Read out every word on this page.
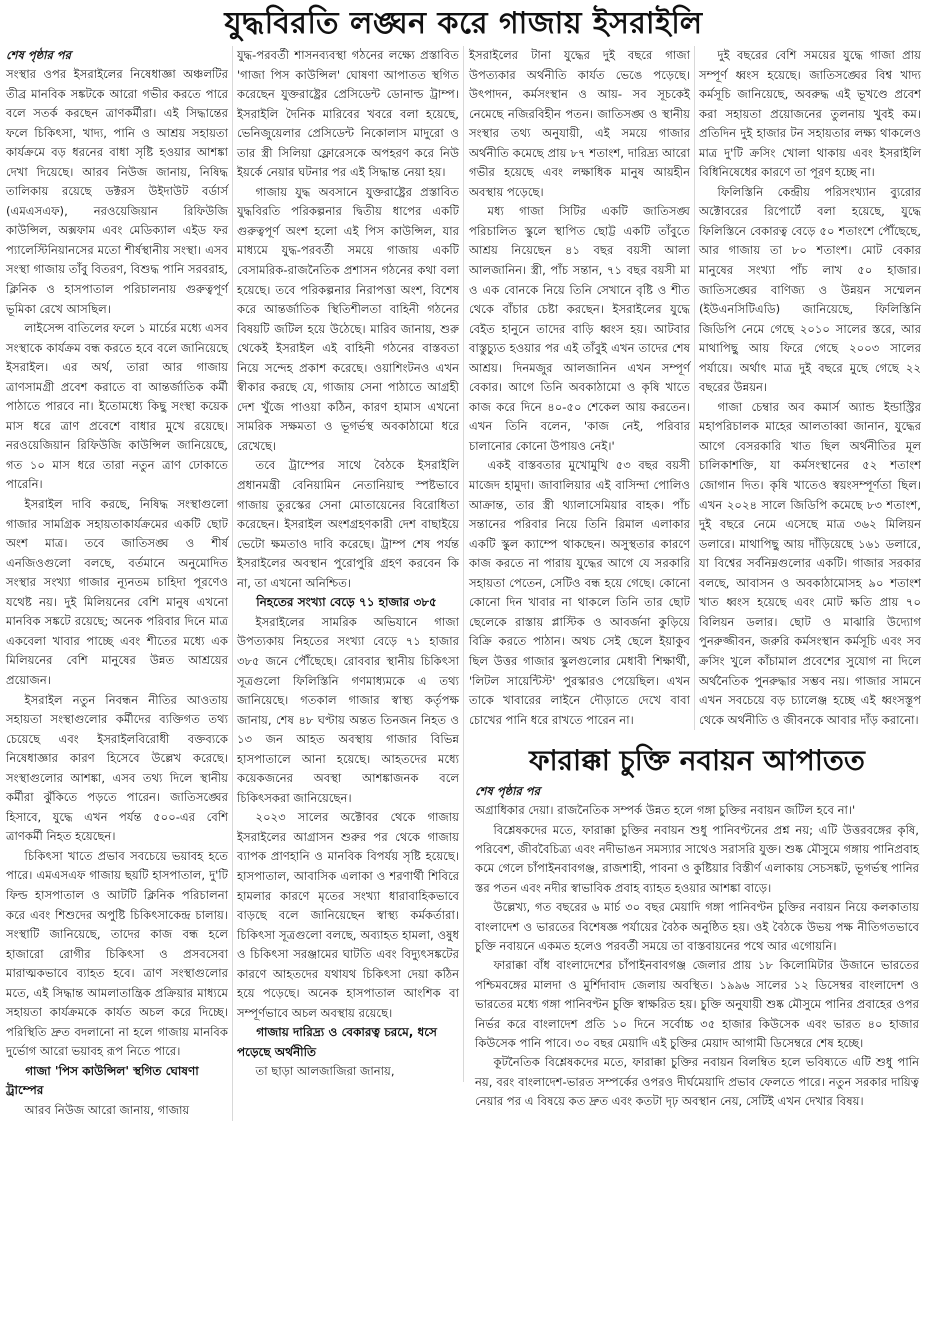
যুদ্ধবিরতি লঙ্ঘন করে গাজায় ইসরাইলি
শেষ পৃষ্ঠার পর

সংস্থার ওপর ইসরাইলের নিষেধাজ্ঞা অঞ্চলটির তীব্র মানবিক সঙ্কটকে আরো গভীর করতে পারে বলে সতর্ক করছেন ত্রাণকর্মীরা। এই সিদ্ধান্তের ফলে চিকিৎসা, খাদ্য, পানি ও আশ্রয় সহায়তা কার্যক্রমে বড় ধরনের বাধা সৃষ্টি হওয়ার আশঙ্কা দেখা দিয়েছে। আরব নিউজ জানায়, নিষিদ্ধ তালিকায় রয়েছে ডক্টরস উইদাউট বর্ডার্স (এমএসএফ), নরওয়েজিয়ান রিফিউজি কাউন্সিল, অক্সফাম এবং মেডিক্যাল এইড ফর প্যালেস্টিনিয়ানসের মতো শীর্ষস্থানীয় সংস্থা। এসব সংস্থা গাজায় তাঁবু বিতরণ, বিশুদ্ধ পানি সরবরাহ, ক্লিনিক ও হাসপাতাল পরিচালনায় গুরুত্বপূর্ণ ভূমিকা রেখে আসছিল।

লাইসেন্স বাতিলের ফলে ১ মার্চের মধ্যে এসব সংস্থাকে কার্যক্রম বন্ধ করতে হবে বলে জানিয়েছে ইসরাইল। এর অর্থ, তারা আর গাজায় ত্রাণসামগ্রী প্রবেশ করাতে বা আন্তর্জাতিক কর্মী পাঠাতে পারবে না। ইতোমধ্যে কিছু সংস্থা কয়েক মাস ধরে ত্রাণ প্রবেশে বাধার মুখে রয়েছে। নরওয়েজিয়ান রিফিউজি কাউন্সিল জানিয়েছে, গত ১০ মাস ধরে তারা নতুন ত্রাণ ঢোকাতে পারেনি।

ইসরাইল দাবি করছে, নিষিদ্ধ সংস্থাগুলো গাজার সামগ্রিক সহায়তাকার্যক্রমের একটি ছোট অংশ মাত্র। তবে জাতিসঙ্ঘ ও শীর্ষ এনজিওগুলো বলছে, বর্তমানে অনুমোদিত সংস্থার সংখ্যা গাজার ন্যূনতম চাহিদা পূরণেও যথেষ্ট নয়। দুই মিলিয়নের বেশি মানুষ এখনো মানবিক সঙ্কটে রয়েছে; অনেক পরিবার দিনে মাত্র একবেলা খাবার পাচ্ছে এবং শীতের মধ্যে এক মিলিয়নের বেশি মানুষের উন্নত আশ্রয়ের প্রয়োজন।

ইসরাইল নতুন নিবন্ধন নীতির আওতায় সহায়তা সংস্থাগুলোর কর্মীদের ব্যক্তিগত তথ্য চেয়েছে এবং ইসরাইলবিরোধী বক্তব্যকে নিষেধাজ্ঞার কারণ হিসেবে উল্লেখ করেছে। সংস্থাগুলোর আশঙ্কা, এসব তথ্য দিলে স্থানীয় কর্মীরা ঝুঁকিতে পড়তে পারেন। জাতিসঙ্ঘের হিসাবে, যুদ্ধে এখন পর্যন্ত ৫০০-এর বেশি ত্রাণকর্মী নিহত হয়েছেন।

চিকিৎসা খাতে প্রভাব সবচেয়ে ভয়াবহ হতে পারে। এমএসএফ গাজায় ছয়টি হাসপাতাল, দু'টি ফিল্ড হাসপাতাল ও আটটি ক্লিনিক পরিচালনা করে এবং শিশুদের অপুষ্টি চিকিৎসাকেন্দ্র চালায়। সংস্থাটি জানিয়েছে, তাদের কাজ বন্ধ হলে হাজারো রোগীর চিকিৎসা ও প্রসবসেবা মারাত্মকভাবে ব্যাহত হবে। ত্রাণ সংস্থাগুলোর মতে, এই সিদ্ধান্ত আমলাতান্ত্রিক প্রক্রিয়ার মাধ্যমে সহায়তা কার্যক্রমকে কার্যত অচল করে দিচ্ছে। পরিস্থিতি দ্রুত বদলানো না হলে গাজায় মানবিক দুর্ভোগ আরো ভয়াবহ রূপ নিতে পারে।

গাজা 'পিস কাউন্সিল' স্থগিত ঘোষণা ট্রাম্পের

আরব নিউজ আরো জানায়, গাজায়

যুদ্ধ-পরবর্তী শাসনব্যবস্থা গঠনের লক্ষ্যে প্রস্তাবিত 'গাজা পিস কাউন্সিল' ঘোষণা আপাতত স্থগিত করেছেন যুক্তরাষ্ট্রের প্রেসিডেন্ট ডোনাল্ড ট্রাম্প। ইসরাইলি দৈনিক মারিবের খবরে বলা হয়েছে, ভেনিজুয়েলার প্রেসিডেন্ট নিকোলাস মাদুরো ও তার স্ত্রী সিলিয়া ফ্লোরেসকে অপহরণ করে নিউ ইয়র্কে নেয়ার ঘটনার পর এই সিদ্ধান্ত নেয়া হয়।

গাজায় যুদ্ধ অবসানে যুক্তরাষ্ট্রের প্রস্তাবিত যুদ্ধবিরতি পরিকল্পনার দ্বিতীয় ধাপের একটি গুরুত্বপূর্ণ অংশ হলো এই পিস কাউন্সিল, যার মাধ্যমে যুদ্ধ-পরবর্তী সময়ে গাজায় একটি বেসামরিক-রাজনৈতিক প্রশাসন গঠনের কথা বলা হয়েছে। তবে পরিকল্পনার নিরাপত্তা অংশ, বিশেষ করে আন্তর্জাতিক স্থিতিশীলতা বাহিনী গঠনের বিষয়টি জটিল হয়ে উঠেছে। মারিব জানায়, শুরু থেকেই ইসরাইল এই বাহিনী গঠনের বাস্তবতা নিয়ে সন্দেহ প্রকাশ করেছে। ওয়াশিংটনও এখন স্বীকার করছে যে, গাজায় সেনা পাঠাতে আগ্রহী দেশ খুঁজে পাওয়া কঠিন, কারণ হামাস এখনো সামরিক সক্ষমতা ও ভূগর্ভস্থ অবকাঠামো ধরে রেখেছে।

তবে ট্রাম্পের সাথে বৈঠকে ইসরাইলি প্রধানমন্ত্রী বেনিয়ামিন নেতানিয়াহু স্পষ্টভাবে গাজায় তুরস্কের সেনা মোতায়েনের বিরোধিতা করেছেন। ইসরাইল অংশগ্রহণকারী দেশ বাছাইয়ে ভেটো ক্ষমতাও দাবি করেছে। ট্রাম্প শেষ পর্যন্ত ইসরাইলের অবস্থান পুরোপুরি গ্রহণ করবেন কি না, তা এখনো অনিশ্চিত।

নিহতের সংখ্যা বেড়ে ৭১ হাজার ৩৮৫

ইসরাইলের সামরিক অভিযানে গাজা উপত্যকায় নিহতের সংখ্যা বেড়ে ৭১ হাজার ৩৮৫ জনে পৌঁছেছে। রোববার স্থানীয় চিকিৎসা সূত্রগুলো ফিলিস্তিনি গণমাধ্যমকে এ তথ্য জানিয়েছে। গতকাল গাজার স্বাস্থ্য কর্তৃপক্ষ জানায়, শেষ ৪৮ ঘণ্টায় অন্তত তিনজন নিহত ও ১৩ জন আহত অবস্থায় গাজার বিভিন্ন হাসপাতালে আনা হয়েছে। আহতদের মধ্যে কয়েকজনের অবস্থা আশঙ্কাজনক বলে চিকিৎসকরা জানিয়েছেন।

২০২৩ সালের অক্টোবর থেকে গাজায় ইসরাইলের আগ্রাসন শুরুর পর থেকে গাজায় ব্যাপক প্রাণহানি ও মানবিক বিপর্যয় সৃষ্টি হয়েছে। হাসপাতাল, আবাসিক এলাকা ও শরণার্থী শিবিরে হামলার কারণে মৃতের সংখ্যা ধারাবাহিকভাবে বাড়ছে বলে জানিয়েছেন স্বাস্থ্য কর্মকর্তারা। চিকিৎসা সূত্রগুলো বলছে, অব্যাহত হামলা, ওষুধ ও চিকিৎসা সরঞ্জামের ঘাটতি এবং বিদ্যুৎসঙ্কটের কারণে আহতদের যথাযথ চিকিৎসা দেয়া কঠিন হয়ে পড়েছে। অনেক হাসপাতাল আংশিক বা সম্পূর্ণভাবে অচল অবস্থায় রয়েছে।

গাজায় দারিদ্র্য ও বেকারত্ব চরমে, ধসে পড়েছে অর্থনীতি

তা ছাড়া আলজাজিরা জানায়,

ইসরাইলের টানা যুদ্ধের দুই বছরে গাজা উপত্যকার অর্থনীতি কার্যত ভেঙে পড়েছে। উৎপাদন, কর্মসংস্থান ও আয়- সব সূচকেই নেমেছে নজিরবিহীন পতন। জাতিসঙ্ঘ ও স্থানীয় সংস্থার তথ্য অনুযায়ী, এই সময়ে গাজার অর্থনীতি কমেছে প্রায় ৮৭ শতাংশ, দারিদ্র্য আরো গভীর হয়েছে এবং লক্ষাধিক মানুষ আয়হীন অবস্থায় পড়েছে।

মধ্য গাজা সিটির একটি জাতিসঙ্ঘ পরিচালিত স্কুলে স্থাপিত ছোট্ট একটি তাঁবুতে আশ্রয় নিয়েছেন ৪১ বছর বয়সী আলা আলজানিন। স্ত্রী, পাঁচ সন্তান, ৭১ বছর বয়সী মা ও এক বোনকে নিয়ে তিনি সেখানে বৃষ্টি ও শীত থেকে বাঁচার চেষ্টা করছেন। ইসরাইলের যুদ্ধে বেইত হানুনে তাদের বাড়ি ধ্বংস হয়। আটবার বাস্তুচ্যুত হওয়ার পর এই তাঁবুই এখন তাদের শেষ আশ্রয়। দিনমজুর আলজানিন এখন সম্পূর্ণ বেকার। আগে তিনি অবকাঠামো ও কৃষি খাতে কাজ করে দিনে ৪০-৫০ শেকেল আয় করতেন। এখন তিনি বলেন, 'কাজ নেই, পরিবার চালানোর কোনো উপায়ও নেই।'

একই বাস্তবতার মুখোমুখি ৫৩ বছর বয়সী মাজেদ হামুদা। জাবালিয়ার এই বাসিন্দা পোলিও আক্রান্ত, তার স্ত্রী থ্যালাসেমিয়ার বাহক। পাঁচ সন্তানের পরিবার নিয়ে তিনি রিমাল এলাকার একটি স্কুল ক্যাম্পে থাকছেন। অসুস্থতার কারণে কাজ করতে না পারায় যুদ্ধের আগে যে সরকারি সহায়তা পেতেন, সেটিও বন্ধ হয়ে গেছে। কোনো কোনো দিন খাবার না থাকলে তিনি তার ছোট ছেলেকে রাস্তায় প্লাস্টিক ও আবর্জনা কুড়িয়ে বিক্রি করতে পাঠান। অথচ সেই ছেলে ইয়াকুব ছিল উত্তর গাজার স্কুলগুলোর মেধাবী শিক্ষার্থী, 'লিটল সায়েন্টিস্ট' পুরস্কারও পেয়েছিল। এখন তাকে খাবারের লাইনে দৌড়াতে দেখে বাবা চোখের পানি ধরে রাখতে পারেন না।

দুই বছরের বেশি সময়ের যুদ্ধে গাজা প্রায় সম্পূর্ণ ধ্বংস হয়েছে। জাতিসঙ্ঘের বিশ্ব খাদ্য কর্মসূচি জানিয়েছে, অবরুদ্ধ এই ভূখণ্ডে প্রবেশ করা সহায়তা প্রয়োজনের তুলনায় খুবই কম। প্রতিদিন দুই হাজার টন সহায়তার লক্ষ্য থাকলেও মাত্র দু'টি ক্রসিং খোলা থাকায় এবং ইসরাইলি বিধিনিষেধের কারণে তা পূরণ হচ্ছে না।

ফিলিস্তিনি কেন্দ্রীয় পরিসংখ্যান ব্যুরোর অক্টোবরের রিপোর্টে বলা হয়েছে, যুদ্ধে ফিলিস্তিনে বেকারত্ব বেড়ে ৫০ শতাংশে পৌঁছেছে, আর গাজায় তা ৮০ শতাংশ। মোট বেকার মানুষের সংখ্যা পাঁচ লাখ ৫০ হাজার। জাতিসঙ্ঘের বাণিজ্য ও উন্নয়ন সম্মেলন (ইউএনসিটিএডি) জানিয়েছে, ফিলিস্তিনি জিডিপি নেমে গেছে ২০১০ সালের স্তরে, আর মাথাপিছু আয় ফিরে গেছে ২০০৩ সালের পর্যায়ে। অর্থাৎ মাত্র দুই বছরে মুছে গেছে ২২ বছরের উন্নয়ন।

গাজা চেম্বার অব কমার্স অ্যান্ড ইন্ডাস্ট্রির মহাপরিচালক মাহের আলতাব্বা জানান, যুদ্ধের আগে বেসরকারি খাত ছিল অর্থনীতির মূল চালিকাশক্তি, যা কর্মসংস্থানের ৫২ শতাংশ জোগান দিত। কৃষি খাতেও স্বয়ংসম্পূর্ণতা ছিল। এখন ২০২৪ সালে জিডিপি কমেছে ৮৩ শতাংশ, দুই বছরে নেমে এসেছে মাত্র ৩৬২ মিলিয়ন ডলারে। মাথাপিছু আয় দাঁড়িয়েছে ১৬১ ডলারে, যা বিশ্বের সর্বনিম্নগুলোর একটি। গাজার সরকার বলছে, আবাসন ও অবকাঠামোসহ ৯০ শতাংশ খাত ধ্বংস হয়েছে এবং মোট ক্ষতি প্রায় ৭০ বিলিয়ন ডলার। ছোট ও মাঝারি উদ্যোগ পুনরুজ্জীবন, জরুরি কর্মসংস্থান কর্মসূচি এবং সব ক্রসিং খুলে কাঁচামাল প্রবেশের সুযোগ না দিলে অর্থনৈতিক পুনরুদ্ধার সম্ভব নয়। গাজার সামনে এখন সবচেয়ে বড় চ্যালেঞ্জ হচ্ছে এই ধ্বংসস্তূপ থেকে অর্থনীতি ও জীবনকে আবার দাঁড় করানো।

ফারাক্কা চুক্তি নবায়ন আপাতত
শেষ পৃষ্ঠার পর

অগ্রাধিকার দেয়া। রাজনৈতিক সম্পর্ক উন্নত হলে গঙ্গা চুক্তির নবায়ন জটিল হবে না।'

বিশ্লেষকদের মতে, ফারাক্কা চুক্তির নবায়ন শুধু পানিবণ্টনের প্রশ্ন নয়; এটি উত্তরবঙ্গের কৃষি, পরিবেশ, জীববৈচিত্র্য এবং নদীভাঙন সমস্যার সাথেও সরাসরি যুক্ত। শুষ্ক মৌসুমে গঙ্গায় পানিপ্রবাহ কমে গেলে চাঁপাইনবাবগঞ্জ, রাজশাহী, পাবনা ও কুষ্টিয়ার বিস্তীর্ণ এলাকায় সেচসঙ্কট, ভূগর্ভস্থ পানির স্তর পতন এবং নদীর স্বাভাবিক প্রবাহ ব্যাহত হওয়ার আশঙ্কা বাড়ে।

উল্লেখ্য, গত বছরের ৬ মার্চ ৩০ বছর মেয়াদি গঙ্গা পানিবণ্টন চুক্তির নবায়ন নিয়ে কলকাতায় বাংলাদেশ ও ভারতের বিশেষজ্ঞ পর্যায়ের বৈঠক অনুষ্ঠিত হয়। ওই বৈঠকে উভয় পক্ষ নীতিগতভাবে চুক্তি নবায়নে একমত হলেও পরবর্তী সময়ে তা বাস্তবায়নের পথে আর এগোয়নি।

ফারাক্কা বাঁধ বাংলাদেশের চাঁপাইনবাবগঞ্জ জেলার প্রায় ১৮ কিলোমিটার উজানে ভারতের পশ্চিমবঙ্গের মালদা ও মুর্শিদাবাদ জেলায় অবস্থিত। ১৯৯৬ সালের ১২ ডিসেম্বর বাংলাদেশ ও ভারতের মধ্যে গঙ্গা পানিবণ্টন চুক্তি স্বাক্ষরিত হয়। চুক্তি অনুযায়ী শুষ্ক মৌসুমে পানির প্রবাহের ওপর নির্ভর করে বাংলাদেশ প্রতি ১০ দিনে সর্বোচ্চ ৩৫ হাজার কিউসেক এবং ভারত ৪০ হাজার কিউসেক পানি পাবে। ৩০ বছর মেয়াদি এই চুক্তির মেয়াদ আগামী ডিসেম্বরে শেষ হচ্ছে।

কূটনৈতিক বিশ্লেষকদের মতে, ফারাক্কা চুক্তির নবায়ন বিলম্বিত হলে ভবিষ্যতে এটি শুধু পানি নয়, বরং বাংলাদেশ-ভারত সম্পর্কের ওপরও দীর্ঘমেয়াদি প্রভাব ফেলতে পারে। নতুন সরকার দায়িত্ব নেয়ার পর এ বিষয়ে কত দ্রুত এবং কতটা দৃঢ় অবস্থান নেয়, সেটিই এখন দেখার বিষয়।
